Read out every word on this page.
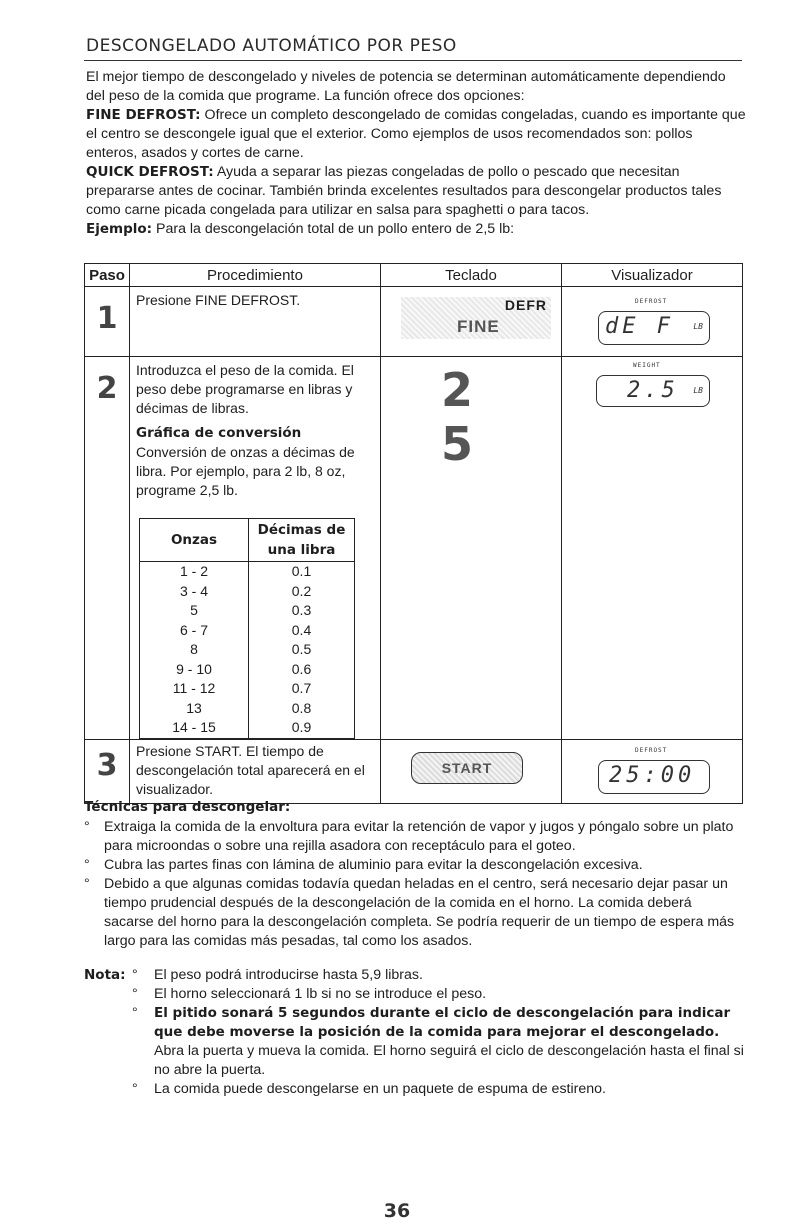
DESCONGELADO AUTOMÁTICO POR PESO

El mejor tiempo de descongelado y niveles de potencia se determinan automáticamente dependiendo del peso de la comida que programe. La función ofrece dos opciones:

FINE DEFROST: Ofrece un completo descongelado de comidas congeladas, cuando es importante que el centro se descongele igual que el exterior. Como ejemplos de usos recomendados son: pollos enteros, asados y cortes de carne.

QUICK DEFROST: Ayuda a separar las piezas congeladas de pollo o pescado que necesitan prepararse antes de cocinar. También brinda excelentes resultados para descongelar productos tales como carne picada congelada para utilizar en salsa para spaghetti o para tacos.

Ejemplo: Para la descongelación total de un pollo entero de 2,5 lb:

Paso	Procedimiento	Teclado	Visualizador

1

Presione FINE DEFROST.	DEFR
FINE

DEFROST
dE F LB

2

Introduzca el peso de la comida. El peso debe programarse en libras y décimas de libras.

Gráfica de conversión

Conversión de onzas a décimas de libra. Por ejemplo, para 2 lb, 8 oz, programe 2,5 lb.

Onzas	Décimas de una libra
1 - 2	0.1
3 - 4	0.2
5	0.3
6 - 7	0.4
8	0.5
9 - 10	0.6
11 - 12	0.7
13	0.8
14 - 15	0.9

2 5

WEIGHT
2.5 LB

3	Presione START. El tiempo de descongelación total aparecerá en el visualizador.

START

DEFROST
25:00

Técnicas para descongelar:

° Extraiga la comida de la envoltura para evitar la retención de vapor y jugos y póngalo sobre un plato para microondas o sobre una rejilla asadora con receptáculo para el goteo.
° Cubra las partes finas con lámina de aluminio para evitar la descongelación excesiva.
° Debido a que algunas comidas todavía quedan heladas en el centro, será necesario dejar pasar un tiempo prudencial después de la descongelación de la comida en el horno. La comida deberá sacarse del horno para la descongelación completa. Se podría requerir de un tiempo de espera más largo para las comidas más pesadas, tal como los asados.
Nota:
°	El peso podrá introducirse hasta 5,9 libras.
° El horno seleccionará 1 lb si no se introduce el peso.
° El pitido sonará 5 segundos durante el ciclo de descongelación para indicar que debe moverse la posición de la comida para mejorar el descongelado. Abra la puerta y mueva la comida. El horno seguirá el ciclo de descongelación hasta el final si no abre la puerta.
° La comida puede descongelarse en un paquete de espuma de estireno.
36
